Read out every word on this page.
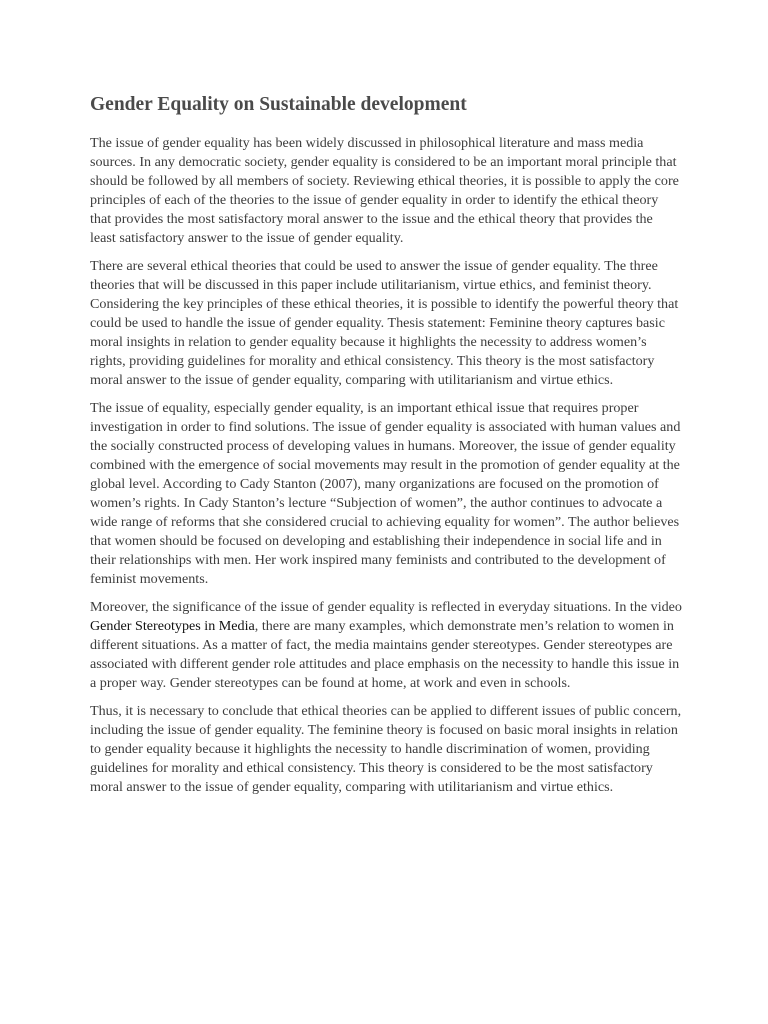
Gender Equality on Sustainable development

The issue of gender equality has been widely discussed in philosophical literature and mass media sources. In any democratic society, gender equality is considered to be an important moral principle that should be followed by all members of society. Reviewing ethical theories, it is possible to apply the core principles of each of the theories to the issue of gender equality in order to identify the ethical theory that provides the most satisfactory moral answer to the issue and the ethical theory that provides the least satisfactory answer to the issue of gender equality.

There are several ethical theories that could be used to answer the issue of gender equality. The three theories that will be discussed in this paper include utilitarianism, virtue ethics, and feminist theory. Considering the key principles of these ethical theories, it is possible to identify the powerful theory that could be used to handle the issue of gender equality. Thesis statement: Feminine theory captures basic moral insights in relation to gender equality because it highlights the necessity to address women’s rights, providing guidelines for morality and ethical consistency. This theory is the most satisfactory moral answer to the issue of gender equality, comparing with utilitarianism and virtue ethics.

The issue of equality, especially gender equality, is an important ethical issue that requires proper investigation in order to find solutions. The issue of gender equality is associated with human values and the socially constructed process of developing values in humans. Moreover, the issue of gender equality combined with the emergence of social movements may result in the promotion of gender equality at the global level. According to Cady Stanton (2007), many organizations are focused on the promotion of women’s rights. In Cady Stanton’s lecture “Subjection of women”, the author continues to advocate a wide range of reforms that she considered crucial to achieving equality for women”. The author believes that women should be focused on developing and establishing their independence in social life and in their relationships with men. Her work inspired many feminists and contributed to the development of feminist movements.

Moreover, the significance of the issue of gender equality is reflected in everyday situations. In the video Gender Stereotypes in Media, there are many examples, which demonstrate men’s relation to women in different situations. As a matter of fact, the media maintains gender stereotypes. Gender stereotypes are associated with different gender role attitudes and place emphasis on the necessity to handle this issue in a proper way. Gender stereotypes can be found at home, at work and even in schools.

Thus, it is necessary to conclude that ethical theories can be applied to different issues of public concern, including the issue of gender equality. The feminine theory is focused on basic moral insights in relation to gender equality because it highlights the necessity to handle discrimination of women, providing guidelines for morality and ethical consistency. This theory is considered to be the most satisfactory moral answer to the issue of gender equality, comparing with utilitarianism and virtue ethics.
